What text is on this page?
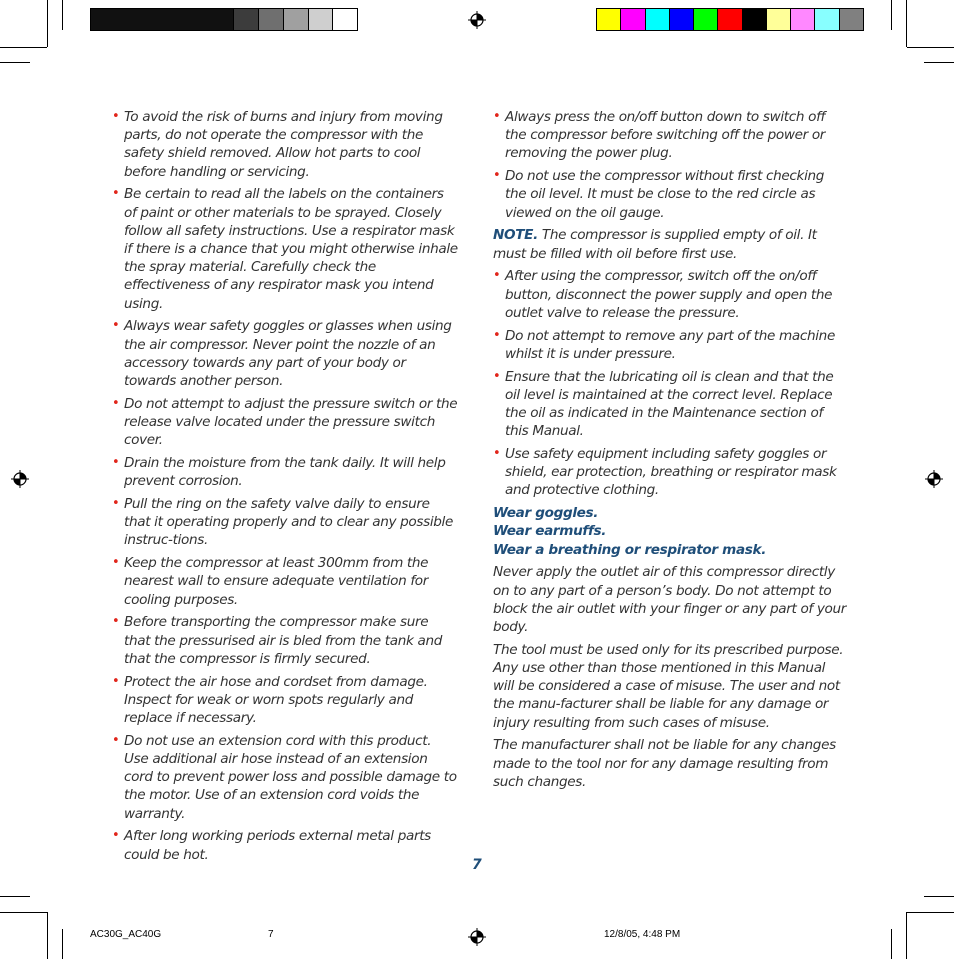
• To avoid the risk of burns and injury from moving parts, do not operate the compressor with the safety shield removed. Allow hot parts to cool before handling or servicing.
• Be certain to read all the labels on the containers of paint or other materials to be sprayed. Closely follow all safety instructions. Use a respirator mask if there is a chance that you might otherwise inhale the spray material. Carefully check the effectiveness of any respirator mask you intend using.
• Always wear safety goggles or glasses when using the air compressor. Never point the nozzle of an accessory towards any part of your body or towards another person.
• Do not attempt to adjust the pressure switch or the release valve located under the pressure switch cover.
• Drain the moisture from the tank daily. It will help prevent corrosion.
• Pull the ring on the safety valve daily to ensure that it operating properly and to clear any possible instruc-tions.
• Keep the compressor at least 300mm from the nearest wall to ensure adequate ventilation for cooling purposes.
• Before transporting the compressor make sure that the pressurised air is bled from the tank and that the compressor is firmly secured.
• Protect the air hose and cordset from damage. Inspect for weak or worn spots regularly and replace if necessary.
• Do not use an extension cord with this product. Use additional air hose instead of an extension cord to prevent power loss and possible damage to the motor. Use of an extension cord voids the warranty.
• After long working periods external metal parts could be hot.
• Always press the on/off button down to switch off the compressor before switching off the power or removing the power plug.
• Do not use the compressor without first checking the oil level. It must be close to the red circle as viewed on the oil gauge.
NOTE. The compressor is supplied empty of oil. It must be filled with oil before first use.
• After using the compressor, switch off the on/off button, disconnect the power supply and open the outlet valve to release the pressure.
• Do not attempt to remove any part of the machine whilst it is under pressure.
• Ensure that the lubricating oil is clean and that the oil level is maintained at the correct level. Replace the oil as indicated in the Maintenance section of this Manual.
• Use safety equipment including safety goggles or shield, ear protection, breathing or respirator mask and protective clothing.
Wear goggles.
Wear earmuffs.
Wear a breathing or respirator mask.
Never apply the outlet air of this compressor directly on to any part of a person’s body. Do not attempt to block the air outlet with your finger or any part of your body.
The tool must be used only for its prescribed purpose. Any use other than those mentioned in this Manual will be considered a case of misuse. The user and not the manu-facturer shall be liable for any damage or injury resulting from such cases of misuse.
The manufacturer shall not be liable for any changes made to the tool nor for any damage resulting from such changes.
7
AC30G_AC40G	7	12/8/05, 4:48 PM
